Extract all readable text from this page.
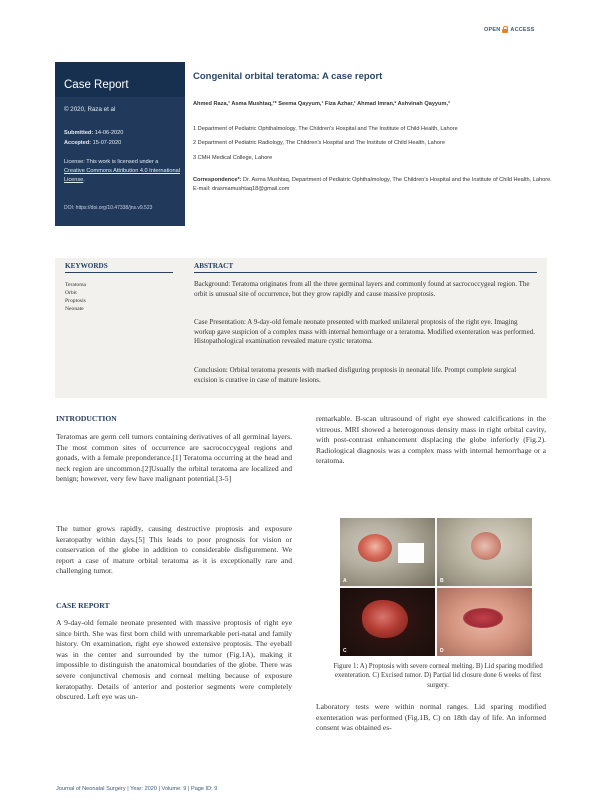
OPEN ACCESS
Case Report
© 2020, Raza et al
Submitted: 14-06-2020
Accepted: 15-07-2020
License: This work is licensed under a Creative Commons Attribution 4.0 International License.
DOI: https://doi.org/10.47338/jns.v9.523
Congenital orbital teratoma: A case report
Ahmed Raza,¹ Asma Mushtaq,¹* Seema Qayyum,¹ Fiza Azhar,¹ Ahmad Imran,² Ashvinah Qayyum,³
1 Department of Pediatric Ophthalmology, The Children's Hospital and The Institute of Child Health, Lahore
2 Department of Pediatric Radiology, The Children's Hospital and The Institute of Child Health, Lahore
3 CMH Medical College, Lahore
Correspondence*: Dr. Asma Mushtaq, Department of Pediatric Ophthalmology, The Children's Hospital and the Institute of Child Health, Lahore. E-mail: drasmamushtaq18@gmail.com
KEYWORDS	ABSTRACT
Teratoma
Orbit
Proptosis
Neonate
Background: Teratoma originates from all the three germinal layers and commonly found at sacrococcygeal region. The orbit is unusual site of occurrence, but they grow rapidly and cause massive proptosis.
Case Presentation: A 9-day-old female neonate presented with marked unilateral proptosis of the right eye. Imaging workup gave suspicion of a complex mass with internal hemorrhage or a teratoma. Modified exenteration was performed. Histopathological examination revealed mature cystic teratoma.
Conclusion: Orbital teratoma presents with marked disfiguring proptosis in neonatal life. Prompt complete surgical excision is curative in case of mature lesions.
INTRODUCTION

Teratomas are germ cell tumors containing derivatives of all germinal layers. The most common sites of occurrence are sacrococcygeal regions and gonads, with a female preponderance.[1] Teratoma occurring at the head and neck region are uncommon.[2]Usually the orbital teratoma are localized and benign; however, very few have malignant potential.[3-5]

The tumor grows rapidly, causing destructive proptosis and exposure keratopathy within days.[5] This leads to poor prognosis for vision or conservation of the globe in addition to considerable disfigurement. We report a case of mature orbital teratoma as it is exceptionally rare and challenging tumor.

CASE REPORT

A 9-day-old female neonate presented with massive proptosis of right eye since birth. She was first born child with unremarkable peri-natal and family history. On examination, right eye showed extensive proptosis. The eyeball was in the center and surrounded by the tumor (Fig.1A), making it impossible to distinguish the anatomical boundaries of the globe. There was severe conjunctival chemosis and corneal melting because of exposure keratopathy. Details of anterior and posterior segments were completely obscured. Left eye was un-

remarkable. B-scan ultrasound of right eye showed calcifications in the vitreous. MRI showed a heterogonous density mass in right orbital cavity, with post-contrast enhancement displacing the globe inferiorly (Fig.2). Radiological diagnosis was a complex mass with internal hemorrhage or a teratoma.

A	B
C	D
Figure 1: A) Proptosis with severe corneal melting. B) Lid sparing modified exenteration. C) Excised tumor. D) Partial lid closure done 6 weeks of first surgery.

Laboratory tests were within normal ranges. Lid sparing modified exenteration was performed (Fig.1B, C) on 18th day of life. An informed consent was obtained es-

Journal of Neonatal Surgery | Year: 2020 | Volume: 9 | Page ID: 9
